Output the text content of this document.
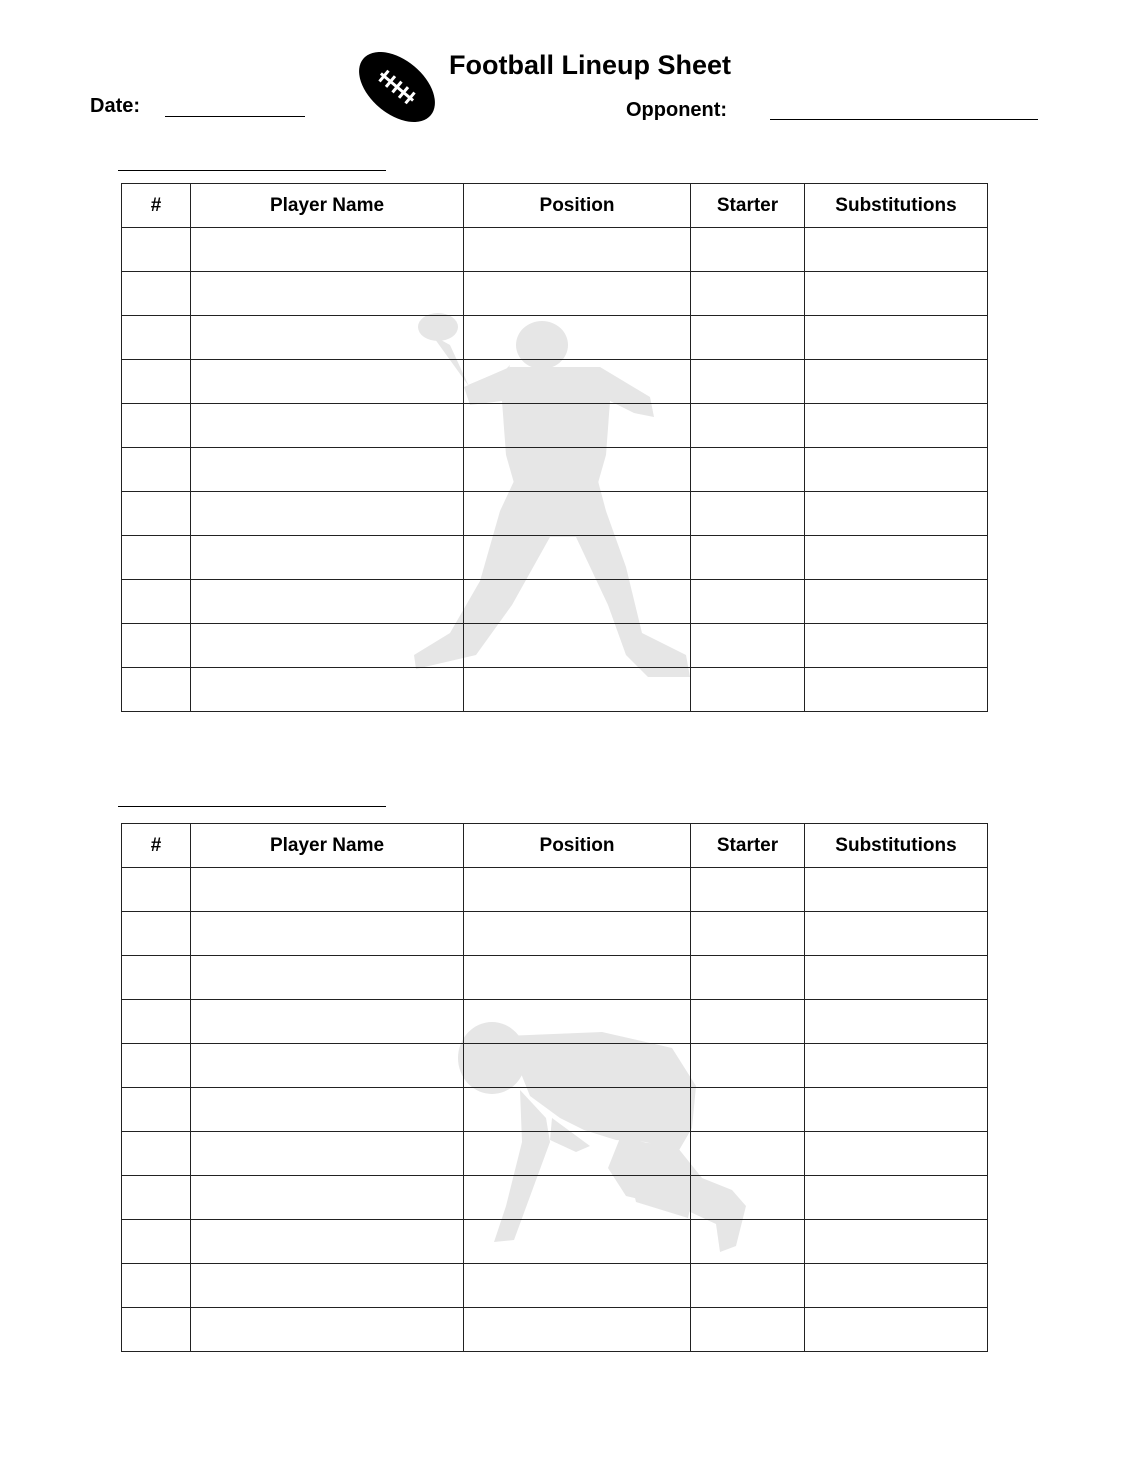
Football Lineup Sheet
Date:	Opponent:
#	Player Name	Position	Starter	Substitutions

#	Player Name	Position	Starter	Substitutions
